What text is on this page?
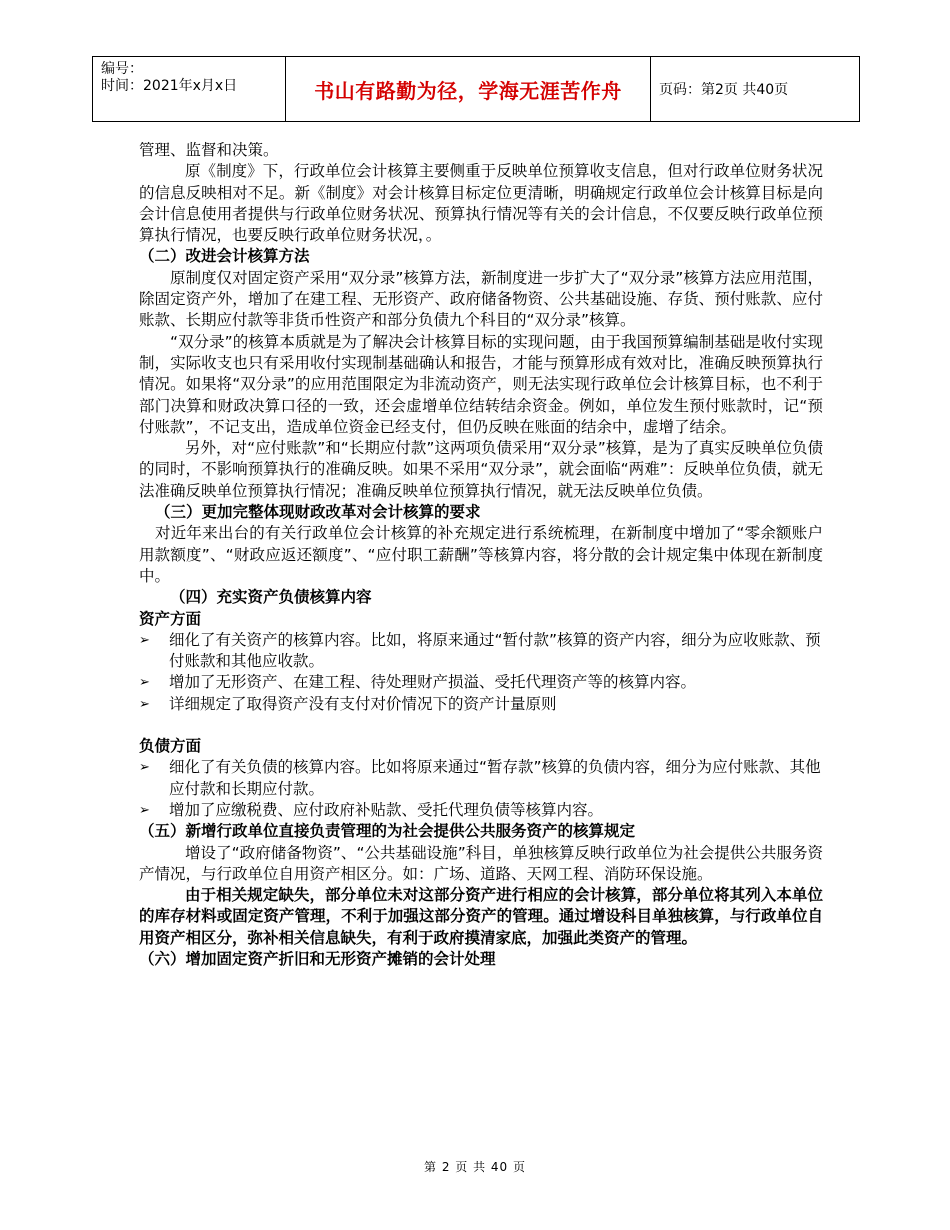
编号：
时间：2021年x月x日	书山有路勤为径，学海无涯苦作舟	页码：第2页 共40页

管理、监督和决策。

原《制度》下，行政单位会计核算主要侧重于反映单位预算收支信息，但对行政单位财务状况的信息反映相对不足。新《制度》对会计核算目标定位更清晰，明确规定行政单位会计核算目标是向会计信息使用者提供与行政单位财务状况、预算执行情况等有关的会计信息，不仅要反映行政单位预算执行情况，也要反映行政单位财务状况，。

（二）改进会计核算方法

原制度仅对固定资产采用“双分录”核算方法，新制度进一步扩大了“双分录”核算方法应用范围，除固定资产外，增加了在建工程、无形资产、政府储备物资、公共基础设施、存货、预付账款、应付账款、长期应付款等非货币性资产和部分负债九个科目的“双分录”核算。

“双分录”的核算本质就是为了解决会计核算目标的实现问题，由于我国预算编制基础是收付实现制，实际收支也只有采用收付实现制基础确认和报告，才能与预算形成有效对比，准确反映预算执行情况。如果将“双分录”的应用范围限定为非流动资产，则无法实现行政单位会计核算目标，也不利于部门决算和财政决算口径的一致，还会虚增单位结转结余资金。例如，单位发生预付账款时，记“预付账款”，不记支出，造成单位资金已经支付，但仍反映在账面的结余中，虚增了结余。

另外，对“应付账款”和“长期应付款”这两项负债采用“双分录”核算，是为了真实反映单位负债的同时，不影响预算执行的准确反映。如果不采用“双分录”，就会面临“两难”：反映单位负债，就无法准确反映单位预算执行情况；准确反映单位预算执行情况，就无法反映单位负债。

（三）更加完整体现财政改革对会计核算的要求

对近年来出台的有关行政单位会计核算的补充规定进行系统梳理，在新制度中增加了“零余额账户用款额度”、“财政应返还额度”、“应付职工薪酬”等核算内容，将分散的会计规定集中体现在新制度中。

（四）充实资产负债核算内容

资产方面

➢	细化了有关资产的核算内容。比如，将原来通过“暂付款”核算的资产内容，细分为应收账款、预付账款和其他应收款。
➢	增加了无形资产、在建工程、待处理财产损溢、受托代理资产等的核算内容。
➢	详细规定了取得资产没有支付对价情况下的资产计量原则

负债方面

➢	细化了有关负债的核算内容。比如将原来通过“暂存款”核算的负债内容，细分为应付账款、其他应付款和长期应付款。
➢	增加了应缴税费、应付政府补贴款、受托代理负债等核算内容。

（五）新增行政单位直接负责管理的为社会提供公共服务资产的核算规定

增设了“政府储备物资”、“公共基础设施”科目，单独核算反映行政单位为社会提供公共服务资产情况，与行政单位自用资产相区分。如：广场、道路、天网工程、消防环保设施。

由于相关规定缺失，部分单位未对这部分资产进行相应的会计核算，部分单位将其列入本单位的库存材料或固定资产管理，不利于加强这部分资产的管理。通过增设科目单独核算，与行政单位自用资产相区分，弥补相关信息缺失，有利于政府摸清家底，加强此类资产的管理。

（六）增加固定资产折旧和无形资产摊销的会计处理

第 2 页 共 40 页
